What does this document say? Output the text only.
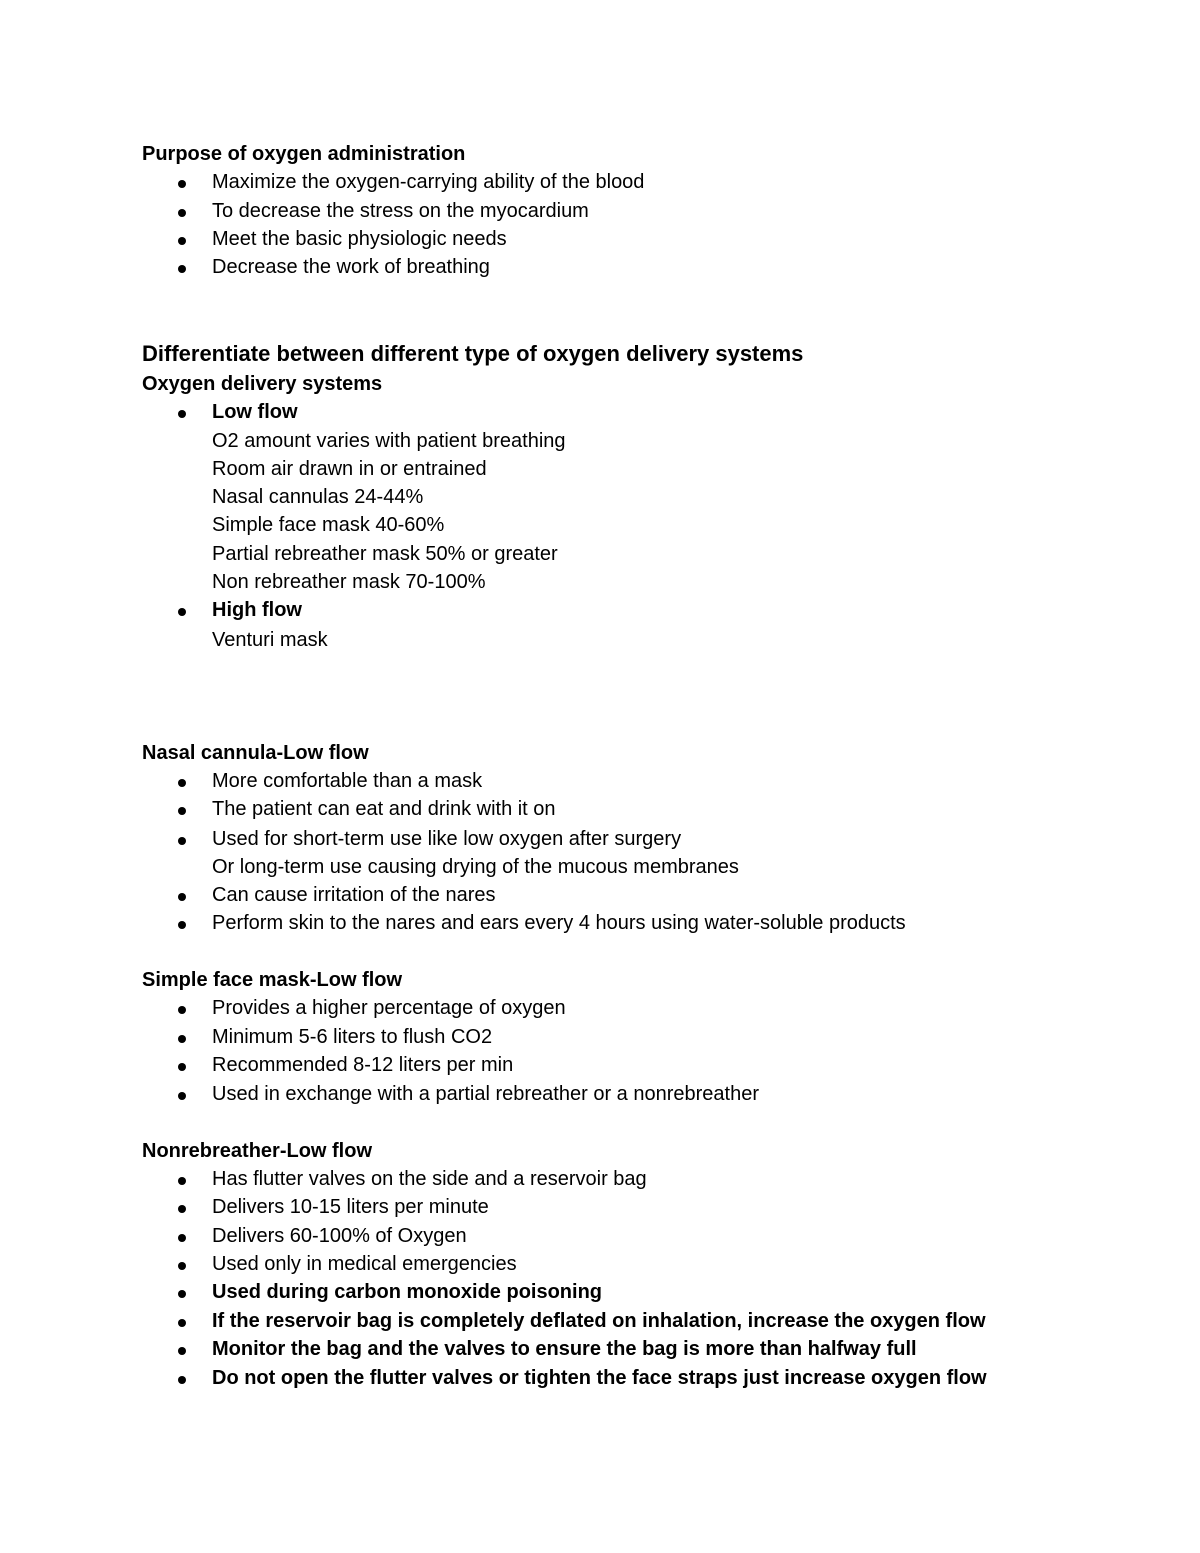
Purpose of oxygen administration

Maximize the oxygen-carrying ability of the blood

To decrease the stress on the myocardium

Meet the basic physiologic needs

Decrease the work of breathing

Differentiate between different type of oxygen delivery systems

Oxygen delivery systems

Low flow

O2 amount varies with patient breathing

Room air drawn in or entrained

Nasal cannulas 24-44%

Simple face mask 40-60%

Partial rebreather mask 50% or greater

Non rebreather mask 70-100%

High flow

Venturi mask

Nasal cannula-Low flow

More comfortable than a mask

The patient can eat and drink with it on

Used for short-term use like low oxygen after surgery

Or long-term use causing drying of the mucous membranes

Can cause irritation of the nares

Perform skin to the nares and ears every 4 hours using water-soluble products

Simple face mask-Low flow

Provides a higher percentage of oxygen

Minimum 5-6 liters to flush CO2

Recommended 8-12 liters per min

Used in exchange with a partial rebreather or a nonrebreather

Nonrebreather-Low flow

Has flutter valves on the side and a reservoir bag

Delivers 10-15 liters per minute

Delivers 60-100% of Oxygen

Used only in medical emergencies

Used during carbon monoxide poisoning

If the reservoir bag is completely deflated on inhalation, increase the oxygen flow

Monitor the bag and the valves to ensure the bag is more than halfway full

Do not open the flutter valves or tighten the face straps just increase oxygen flow
